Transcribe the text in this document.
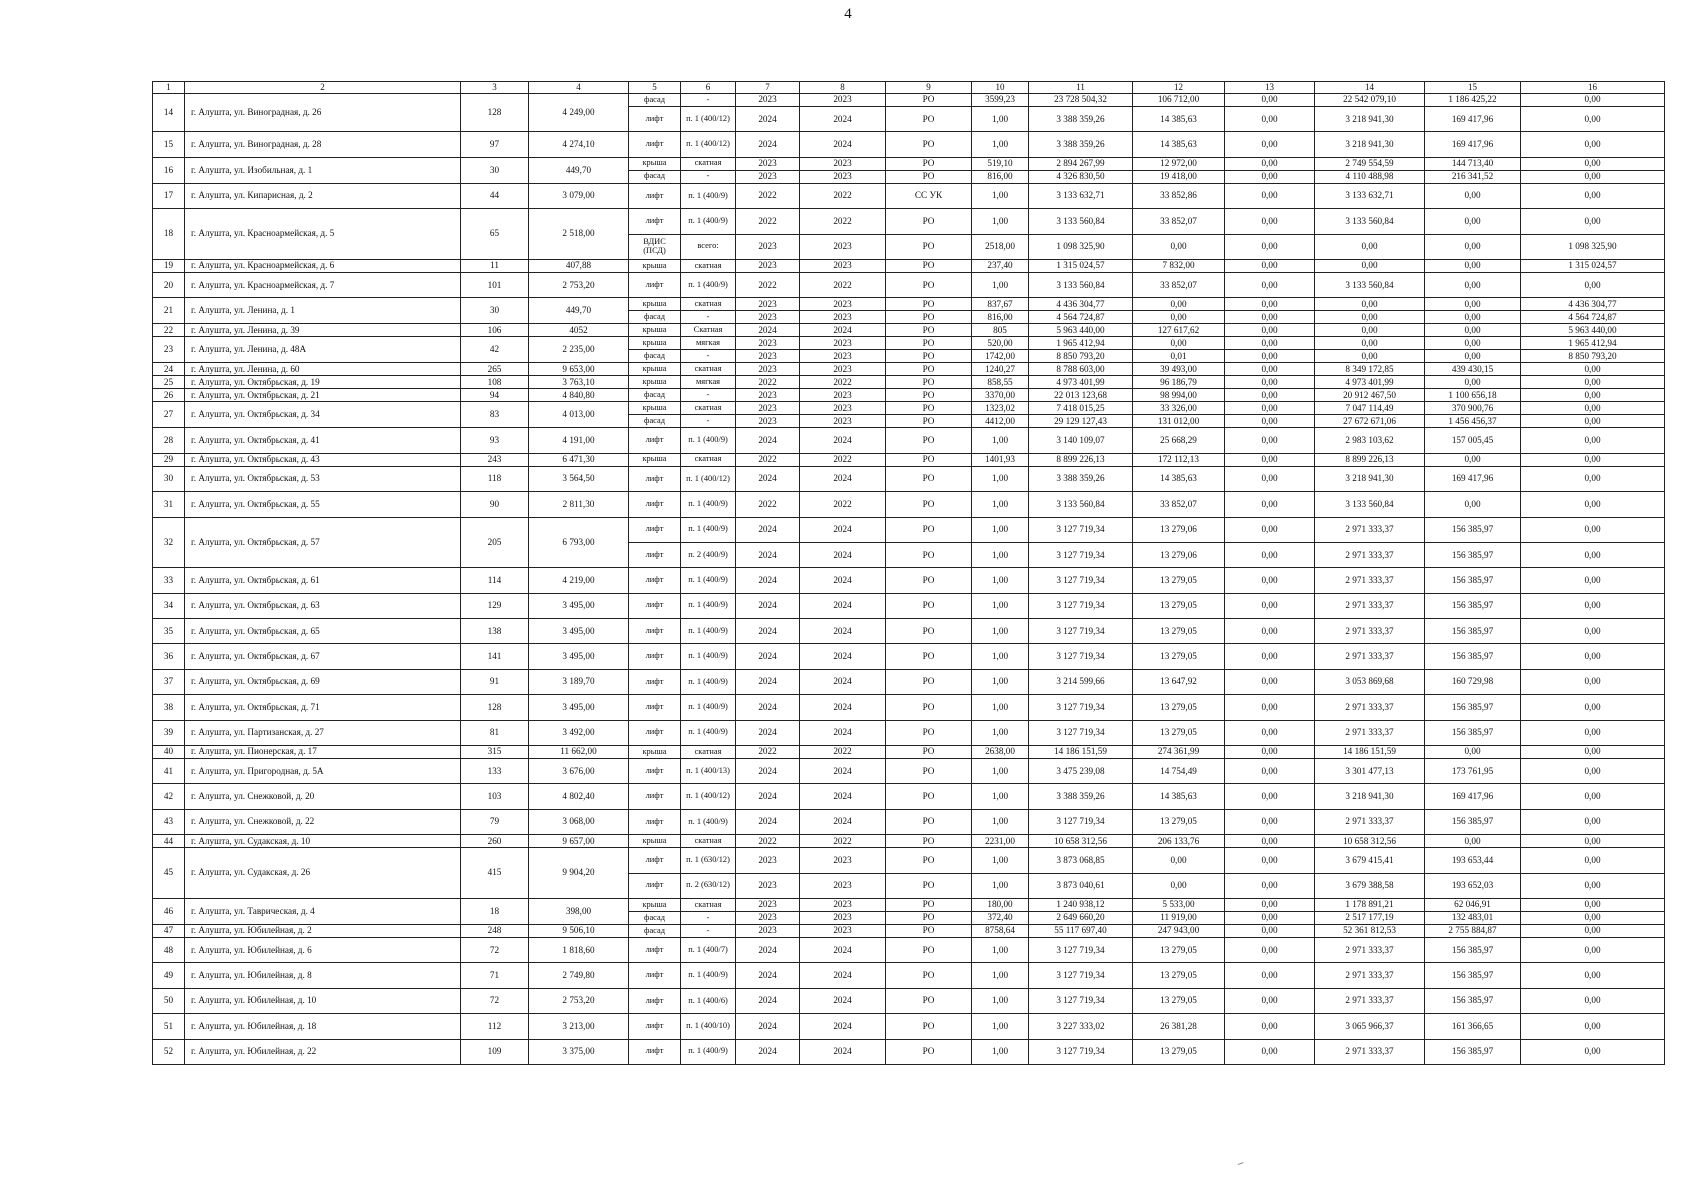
4
1	2	3	4	5	6	7	8	9	10	11	12	13	14	15	16
14	г. Алушта, ул. Виноградная, д. 26	128	4 249,00	фасад	-	2023	2023	РО	3599,23	23 728 504,32	106 712,00	0,00	22 542 079,10	1 186 425,22	0,00
				лифт	п. 1 (400/12)	2024	2024	РО	1,00	3 388 359,26	14 385,63	0,00	3 218 941,30	169 417,96	0,00
15	г. Алушта, ул. Виноградная, д. 28	97	4 274,10	лифт	п. 1 (400/12)	2024	2024	РО	1,00	3 388 359,26	14 385,63	0,00	3 218 941,30	169 417,96	0,00
16	г. Алушта, ул. Изобильная, д. 1	30	449,70	крыша	скатная	2023	2023	РО	519,10	2 894 267,99	12 972,00	0,00	2 749 554,59	144 713,40	0,00
				фасад	-	2023	2023	РО	816,00	4 326 830,50	19 418,00	0,00	4 110 488,98	216 341,52	0,00
17	г. Алушта, ул. Кипарисная, д. 2	44	3 079,00	лифт	п. 1 (400/9)	2022	2022	СС УК	1,00	3 133 632,71	33 852,86	0,00	3 133 632,71	0,00	0,00
18	г. Алушта, ул. Красноармейская, д. 5	65	2 518,00	лифт	п. 1 (400/9)	2022	2022	РО	1,00	3 133 560,84	33 852,07	0,00	3 133 560,84	0,00	0,00
				ВДИС (ПСД)	всего:	2023	2023	РО	2518,00	1 098 325,90	0,00	0,00	0,00	0,00	1 098 325,90
19	г. Алушта, ул. Красноармейская, д. 6	11	407,88	крыша	скатная	2023	2023	РО	237,40	1 315 024,57	7 832,00	0,00	0,00	0,00	1 315 024,57
20	г. Алушта, ул. Красноармейская, д. 7	101	2 753,20	лифт	п. 1 (400/9)	2022	2022	РО	1,00	3 133 560,84	33 852,07	0,00	3 133 560,84	0,00	0,00
21	г. Алушта, ул. Ленина, д. 1	30	449,70	крыша	скатная	2023	2023	РО	837,67	4 436 304,77	0,00	0,00	0,00	0,00	4 436 304,77
				фасад	-	2023	2023	РО	816,00	4 564 724,87	0,00	0,00	0,00	0,00	4 564 724,87
22	г. Алушта, ул. Ленина, д. 39	106	4052	крыша	Скатная	2024	2024	РО	805	5 963 440,00	127 617,62	0,00	0,00	0,00	5 963 440,00
23	г. Алушта, ул. Ленина, д. 48А	42	2 235,00	крыша	мягкая	2023	2023	РО	520,00	1 965 412,94	0,00	0,00	0,00	0,00	1 965 412,94
				фасад	-	2023	2023	РО	1742,00	8 850 793,20	0,01	0,00	0,00	0,00	8 850 793,20
24	г. Алушта, ул. Ленина, д. 60	265	9 653,00	крыша	скатная	2023	2023	РО	1240,27	8 788 603,00	39 493,00	0,00	8 349 172,85	439 430,15	0,00
25	г. Алушта, ул. Октябрьская, д. 19	108	3 763,10	крыша	мягкая	2022	2022	РО	858,55	4 973 401,99	96 186,79	0,00	4 973 401,99	0,00	0,00
26	г. Алушта, ул. Октябрьская, д. 21	94	4 840,80	фасад	-	2023	2023	РО	3370,00	22 013 123,68	98 994,00	0,00	20 912 467,50	1 100 656,18	0,00
27	г. Алушта, ул. Октябрьская, д. 34	83	4 013,00	крыша	скатная	2023	2023	РО	1323,02	7 418 015,25	33 326,00	0,00	7 047 114,49	370 900,76	0,00
				фасад	-	2023	2023	РО	4412,00	29 129 127,43	131 012,00	0,00	27 672 671,06	1 456 456,37	0,00
28	г. Алушта, ул. Октябрьская, д. 41	93	4 191,00	лифт	п. 1 (400/9)	2024	2024	РО	1,00	3 140 109,07	25 668,29	0,00	2 983 103,62	157 005,45	0,00
29	г. Алушта, ул. Октябрьская, д. 43	243	6 471,30	крыша	скатная	2022	2022	РО	1401,93	8 899 226,13	172 112,13	0,00	8 899 226,13	0,00	0,00
30	г. Алушта, ул. Октябрьская, д. 53	118	3 564,50	лифт	п. 1 (400/12)	2024	2024	РО	1,00	3 388 359,26	14 385,63	0,00	3 218 941,30	169 417,96	0,00
31	г. Алушта, ул. Октябрьская, д. 55	90	2 811,30	лифт	п. 1 (400/9)	2022	2022	РО	1,00	3 133 560,84	33 852,07	0,00	3 133 560,84	0,00	0,00
32	г. Алушта, ул. Октябрьская, д. 57	205	6 793,00	лифт	п. 1 (400/9)	2024	2024	РО	1,00	3 127 719,34	13 279,06	0,00	2 971 333,37	156 385,97	0,00
				лифт	п. 2 (400/9)	2024	2024	РО	1,00	3 127 719,34	13 279,06	0,00	2 971 333,37	156 385,97	0,00
33	г. Алушта, ул. Октябрьская, д. 61	114	4 219,00	лифт	п. 1 (400/9)	2024	2024	РО	1,00	3 127 719,34	13 279,05	0,00	2 971 333,37	156 385,97	0,00
34	г. Алушта, ул. Октябрьская, д. 63	129	3 495,00	лифт	п. 1 (400/9)	2024	2024	РО	1,00	3 127 719,34	13 279,05	0,00	2 971 333,37	156 385,97	0,00
35	г. Алушта, ул. Октябрьская, д. 65	138	3 495,00	лифт	п. 1 (400/9)	2024	2024	РО	1,00	3 127 719,34	13 279,05	0,00	2 971 333,37	156 385,97	0,00
36	г. Алушта, ул. Октябрьская, д. 67	141	3 495,00	лифт	п. 1 (400/9)	2024	2024	РО	1,00	3 127 719,34	13 279,05	0,00	2 971 333,37	156 385,97	0,00
37	г. Алушта, ул. Октябрьская, д. 69	91	3 189,70	лифт	п. 1 (400/9)	2024	2024	РО	1,00	3 214 599,66	13 647,92	0,00	3 053 869,68	160 729,98	0,00
38	г. Алушта, ул. Октябрьская, д. 71	128	3 495,00	лифт	п. 1 (400/9)	2024	2024	РО	1,00	3 127 719,34	13 279,05	0,00	2 971 333,37	156 385,97	0,00
39	г. Алушта, ул. Партизанская, д. 27	81	3 492,00	лифт	п. 1 (400/9)	2024	2024	РО	1,00	3 127 719,34	13 279,05	0,00	2 971 333,37	156 385,97	0,00
40	г. Алушта, ул. Пионерская, д. 17	315	11 662,00	крыша	скатная	2022	2022	РО	2638,00	14 186 151,59	274 361,99	0,00	14 186 151,59	0,00	0,00
41	г. Алушта, ул. Пригородная, д. 5А	133	3 676,00	лифт	п. 1 (400/13)	2024	2024	РО	1,00	3 475 239,08	14 754,49	0,00	3 301 477,13	173 761,95	0,00
42	г. Алушта, ул. Снежковой, д. 20	103	4 802,40	лифт	п. 1 (400/12)	2024	2024	РО	1,00	3 388 359,26	14 385,63	0,00	3 218 941,30	169 417,96	0,00
43	г. Алушта, ул. Снежковой, д. 22	79	3 068,00	лифт	п. 1 (400/9)	2024	2024	РО	1,00	3 127 719,34	13 279,05	0,00	2 971 333,37	156 385,97	0,00
44	г. Алушта, ул. Судакская, д. 10	260	9 657,00	крыша	скатная	2022	2022	РО	2231,00	10 658 312,56	206 133,76	0,00	10 658 312,56	0,00	0,00
45	г. Алушта, ул. Судакская, д. 26	415	9 904,20	лифт	п. 1 (630/12)	2023	2023	РО	1,00	3 873 068,85	0,00	0,00	3 679 415,41	193 653,44	0,00
				лифт	п. 2 (630/12)	2023	2023	РО	1,00	3 873 040,61	0,00	0,00	3 679 388,58	193 652,03	0,00
46	г. Алушта, ул. Таврическая, д. 4	18	398,00	крыша	скатная	2023	2023	РО	180,00	1 240 938,12	5 533,00	0,00	1 178 891,21	62 046,91	0,00
				фасад	-	2023	2023	РО	372,40	2 649 660,20	11 919,00	0,00	2 517 177,19	132 483,01	0,00
47	г. Алушта, ул. Юбилейная, д. 2	248	9 506,10	фасад	-	2023	2023	РО	8758,64	55 117 697,40	247 943,00	0,00	52 361 812,53	2 755 884,87	0,00
48	г. Алушта, ул. Юбилейная, д. 6	72	1 818,60	лифт	п. 1 (400/7)	2024	2024	РО	1,00	3 127 719,34	13 279,05	0,00	2 971 333,37	156 385,97	0,00
49	г. Алушта, ул. Юбилейная, д. 8	71	2 749,80	лифт	п. 1 (400/9)	2024	2024	РО	1,00	3 127 719,34	13 279,05	0,00	2 971 333,37	156 385,97	0,00
50	г. Алушта, ул. Юбилейная, д. 10	72	2 753,20	лифт	п. 1 (400/6)	2024	2024	РО	1,00	3 127 719,34	13 279,05	0,00	2 971 333,37	156 385,97	0,00
51	г. Алушта, ул. Юбилейная, д. 18	112	3 213,00	лифт	п. 1 (400/10)	2024	2024	РО	1,00	3 227 333,02	26 381,28	0,00	3 065 966,37	161 366,65	0,00
52	г. Алушта, ул. Юбилейная, д. 22	109	3 375,00	лифт	п. 1 (400/9)	2024	2024	РО	1,00	3 127 719,34	13 279,05	0,00	2 971 333,37	156 385,97	0,00
